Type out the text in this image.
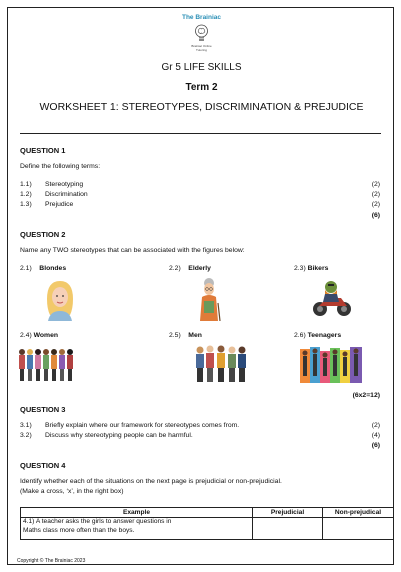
The Brainiac
Brainiac Online
Tutoring
Gr 5 LIFE SKILLS
Term 2
WORKSHEET 1: STEREOTYPES, DISCRIMINATION & PREJUDICE
QUESTION 1
Define the following terms:
1.1)	Stereotyping	(2)
1.2)	Discrimination	(2)
1.3)	Prejudice	(2)
(6)
QUESTION 2
Name any TWO stereotypes that can be associated with the figures below:
2.1) Blondes	2.2) Elderly	2.3) Bikers
2.4) Women	2.5) Men	2.6) Teenagers
(6x2=12)
QUESTION 3
3.1)	Briefly explain where our framework for stereotypes comes from.	(2)
3.2)	Discuss why stereotyping people can be harmful.	(4)
(6)
QUESTION 4
Identify whether each of the situations on the next page is prejudicial or non-prejudicial.
(Make a cross, ‘x’, in the right box)
Example	Prejudicial	Non-prejudical

4.1) A teacher asks the girls to answer questions in
Maths class more often than the boys.		

Copyright © The Brainiac 2023
